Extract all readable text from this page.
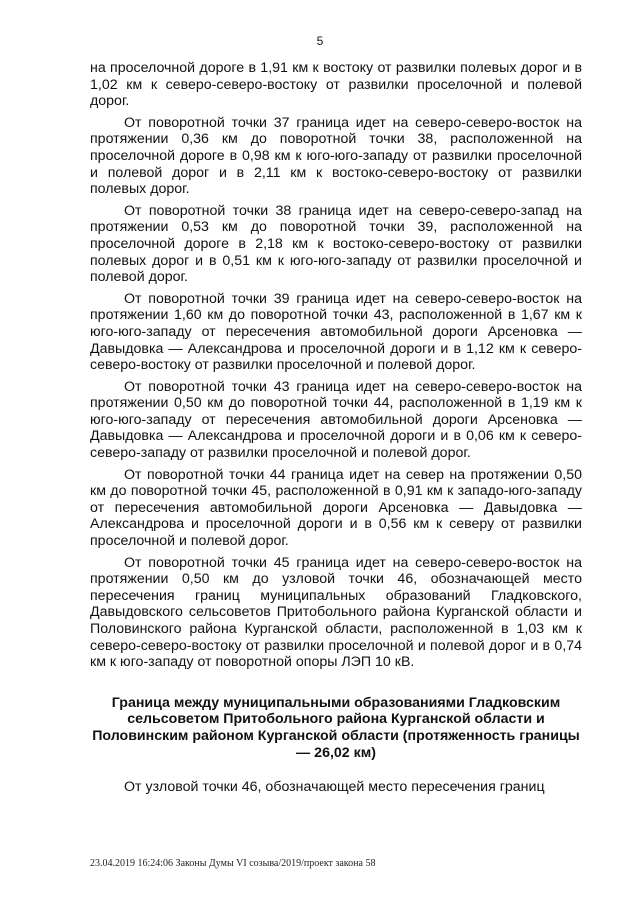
5

на проселочной дороге в 1,91 км к востоку от развилки полевых дорог и в 1,02 км к северо-северо-востоку от развилки проселочной и полевой дорог.

От поворотной точки 37 граница идет на северо-северо-восток на протяжении 0,36 км до поворотной точки 38, расположенной на проселочной дороге в 0,98 км к юго-юго-западу от развилки проселочной и полевой дорог и в 2,11 км к востоко-северо-востоку от развилки полевых дорог.

От поворотной точки 38 граница идет на северо-северо-запад на протяжении 0,53 км до поворотной точки 39, расположенной на проселочной дороге в 2,18 км к востоко-северо-востоку от развилки полевых дорог и в 0,51 км к юго-юго-западу от развилки проселочной и полевой дорог.

От поворотной точки 39 граница идет на северо-северо-восток на протяжении 1,60 км до поворотной точки 43, расположенной в 1,67 км к юго-юго-западу от пересечения автомобильной дороги Арсеновка — Давыдовка — Александрова и проселочной дороги и в 1,12 км к северо-северо-востоку от развилки проселочной и полевой дорог.

От поворотной точки 43 граница идет на северо-северо-восток на протяжении 0,50 км до поворотной точки 44, расположенной в 1,19 км к юго-юго-западу от пересечения автомобильной дороги Арсеновка — Давыдовка — Александрова и проселочной дороги и в 0,06 км к северо-северо-западу от развилки проселочной и полевой дорог.

От поворотной точки 44 граница идет на север на протяжении 0,50 км до поворотной точки 45, расположенной в 0,91 км к западо-юго-западу от пересечения автомобильной дороги Арсеновка — Давыдовка — Александрова и проселочной дороги и в 0,56 км к северу от развилки проселочной и полевой дорог.

От поворотной точки 45 граница идет на северо-северо-восток на протяжении 0,50 км до узловой точки 46, обозначающей место пересечения границ муниципальных образований Гладковского, Давыдовского сельсоветов Притобольного района Курганской области и Половинского района Курганской области, расположенной в 1,03 км к северо-северо-востоку от развилки проселочной и полевой дорог и в 0,74 км к юго-западу от поворотной опоры ЛЭП 10 кВ.

Граница между муниципальными образованиями Гладковским сельсоветом Притобольного района Курганской области и Половинским районом Курганской области (протяженность границы — 26,02 км)

От узловой точки 46, обозначающей место пересечения границ

23.04.2019 16:24:06 Законы Думы VI созыва/2019/проект закона 58
